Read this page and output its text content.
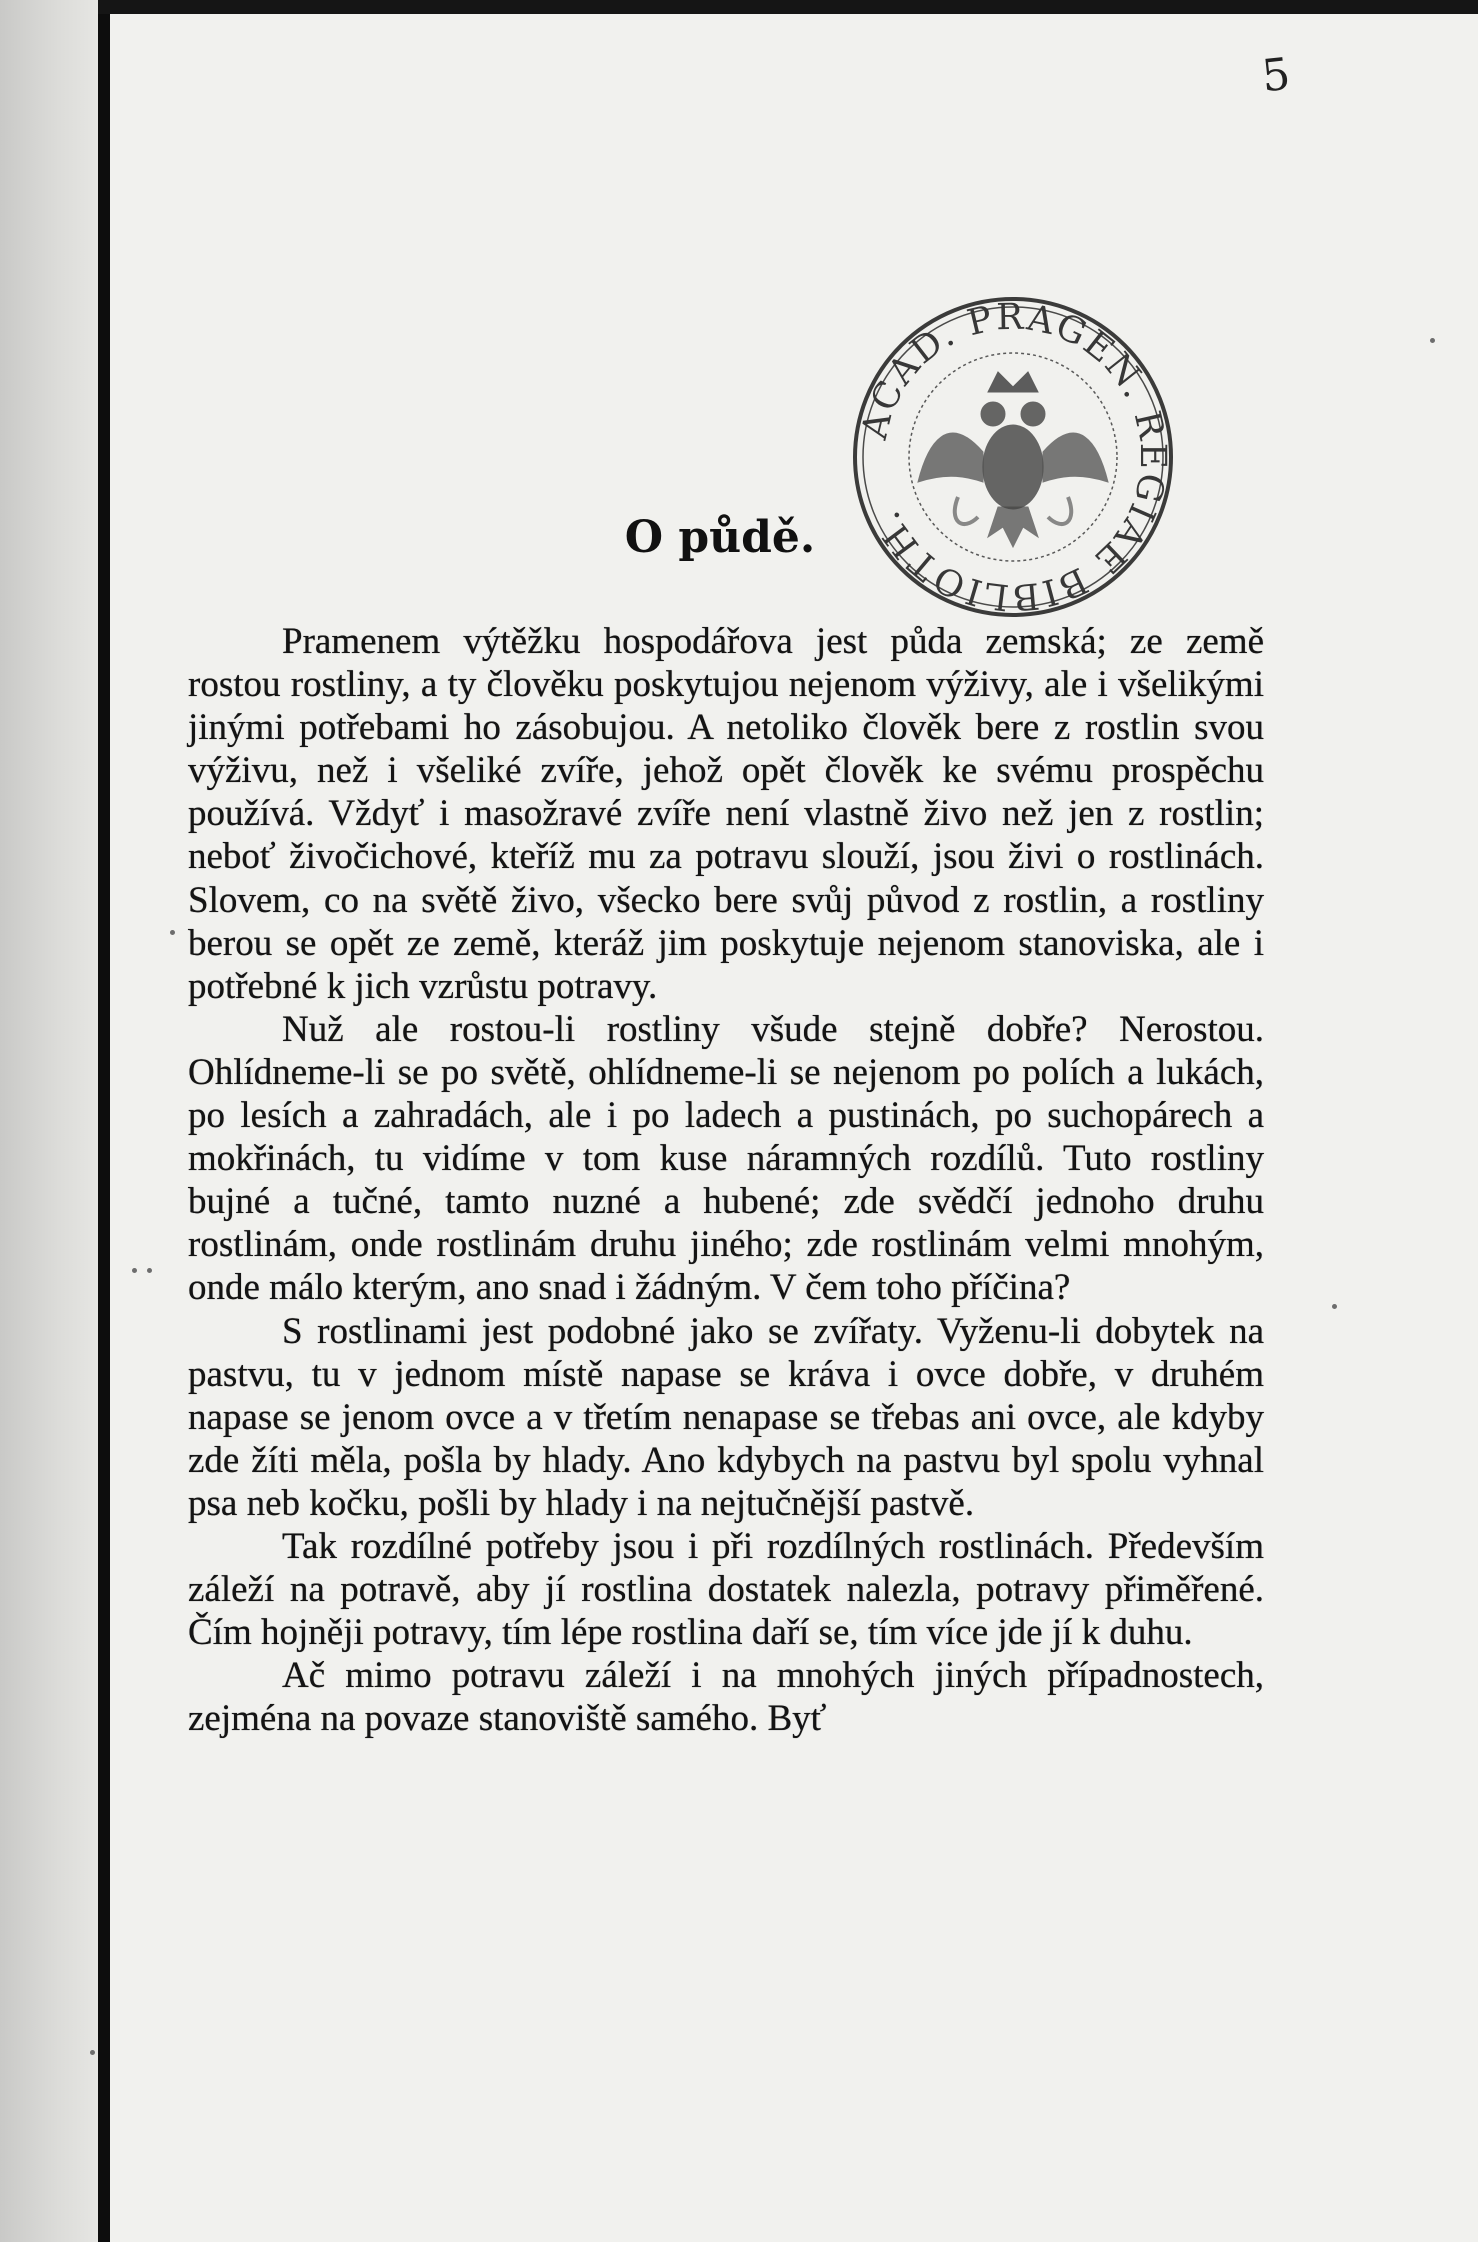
5

ACAD. PRAGEN. REGIAE BIBLIOTH.
O půdě.

Pramenem výtěžku hospodářova jest půda zemská; ze země rostou rostliny, a ty člověku poskytujou nejenom výživy, ale i všelikými jinými potřebami ho zásobujou. A netoliko člověk bere z rostlin svou výživu, než i všeliké zvíře, jehož opět člověk ke svému prospěchu používá. Vždyť i masožravé zvíře není vlastně živo než jen z rostlin; neboť živočichové, kteříž mu za potravu slouží, jsou živi o rostlinách. Slovem, co na světě živo, všecko bere svůj původ z rostlin, a rostliny berou se opět ze země, kteráž jim poskytuje nejenom stanoviska, ale i potřebné k jich vzrůstu potravy.

Nuž ale rostou-li rostliny všude stejně dobře? Nerostou. Ohlídneme-li se po světě, ohlídneme-li se nejenom po polích a lukách, po lesích a zahradách, ale i po ladech a pustinách, po suchopárech a mokřinách, tu vidíme v tom kuse náramných rozdílů. Tuto rostliny bujné a tučné, tamto nuzné a hubené; zde svědčí jednoho druhu rostlinám, onde rostlinám druhu jiného; zde rostlinám velmi mnohým, onde málo kterým, ano snad i žádným. V čem toho příčina?

S rostlinami jest podobné jako se zvířaty. Vyženu-li dobytek na pastvu, tu v jednom místě napase se kráva i ovce dobře, v druhém napase se jenom ovce a v třetím nenapase se třebas ani ovce, ale kdyby zde žíti měla, pošla by hlady. Ano kdybych na pastvu byl spolu vyhnal psa neb kočku, pošli by hlady i na nejtučnější pastvě.

Tak rozdílné potřeby jsou i při rozdílných rostlinách. Především záleží na potravě, aby jí rostlina dostatek nalezla, potravy přiměřené. Čím hojněji potravy, tím lépe rostlina daří se, tím více jde jí k duhu.

Ač mimo potravu záleží i na mnohých jiných případnostech, zejména na povaze stanoviště samého. Byť
